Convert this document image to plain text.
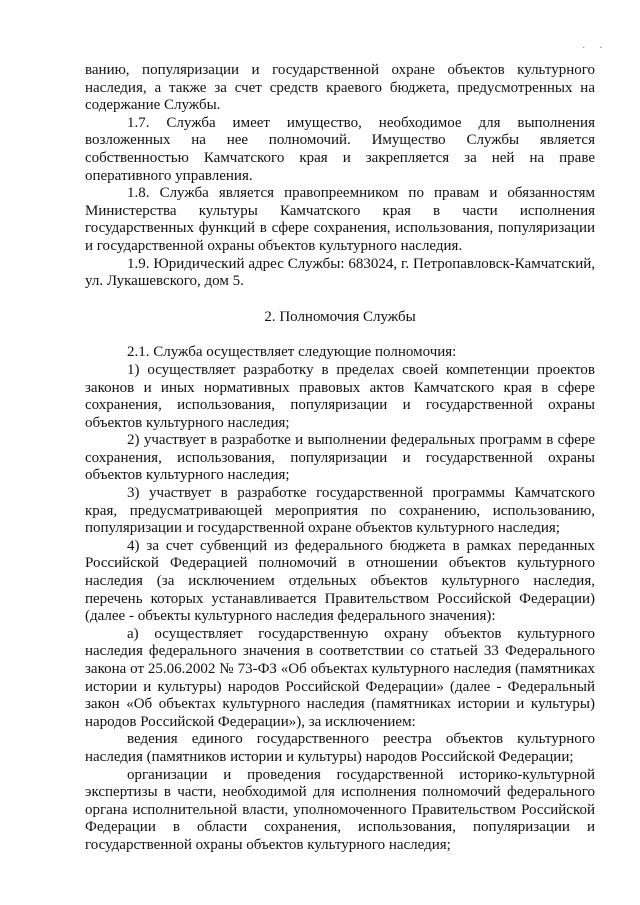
. .

ванию, популяризации и государственной охране объектов культурного наследия, а также за счет средств краевого бюджета, предусмотренных на содержание Службы.

1.7. Служба имеет имущество, необходимое для выполнения возложенных на нее полномочий. Имущество Службы является собственностью Камчатского края и закрепляется за ней на праве оперативного управления.

1.8. Служба является правопреемником по правам и обязанностям Министерства культуры Камчатского края в части исполнения государственных функций в сфере сохранения, использования, популяризации и государственной охраны объектов культурного наследия.

1.9. Юридический адрес Службы: 683024, г. Петропавловск-Камчатский, ул. Лукашевского, дом 5.

2. Полномочия Службы

2.1. Служба осуществляет следующие полномочия:

1) осуществляет разработку в пределах своей компетенции проектов законов и иных нормативных правовых актов Камчатского края в сфере сохранения, использования, популяризации и государственной охраны объектов культурного наследия;

2) участвует в разработке и выполнении федеральных программ в сфере сохранения, использования, популяризации и государственной охраны объектов культурного наследия;

3) участвует в разработке государственной программы Камчатского края, предусматривающей мероприятия по сохранению, использованию, популяризации и государственной охране объектов культурного наследия;

4) за счет субвенций из федерального бюджета в рамках переданных Российской Федерацией полномочий в отношении объектов культурного наследия (за исключением отдельных объектов культурного наследия, перечень которых устанавливается Правительством Российской Федерации) (далее - объекты культурного наследия федерального значения):

а) осуществляет государственную охрану объектов культурного наследия федерального значения в соответствии со статьей 33 Федерального закона от 25.06.2002 № 73-ФЗ «Об объектах культурного наследия (памятниках истории и культуры) народов Российской Федерации» (далее - Федеральный закон «Об объектах культурного наследия (памятниках истории и культуры) народов Российской Федерации»), за исключением:

ведения единого государственного реестра объектов культурного наследия (памятников истории и культуры) народов Российской Федерации;

организации и проведения государственной историко-культурной экспертизы в части, необходимой для исполнения полномочий федерального органа исполнительной власти, уполномоченного Правительством Российской Федерации в области сохранения, использования, популяризации и государственной охраны объектов культурного наследия;
